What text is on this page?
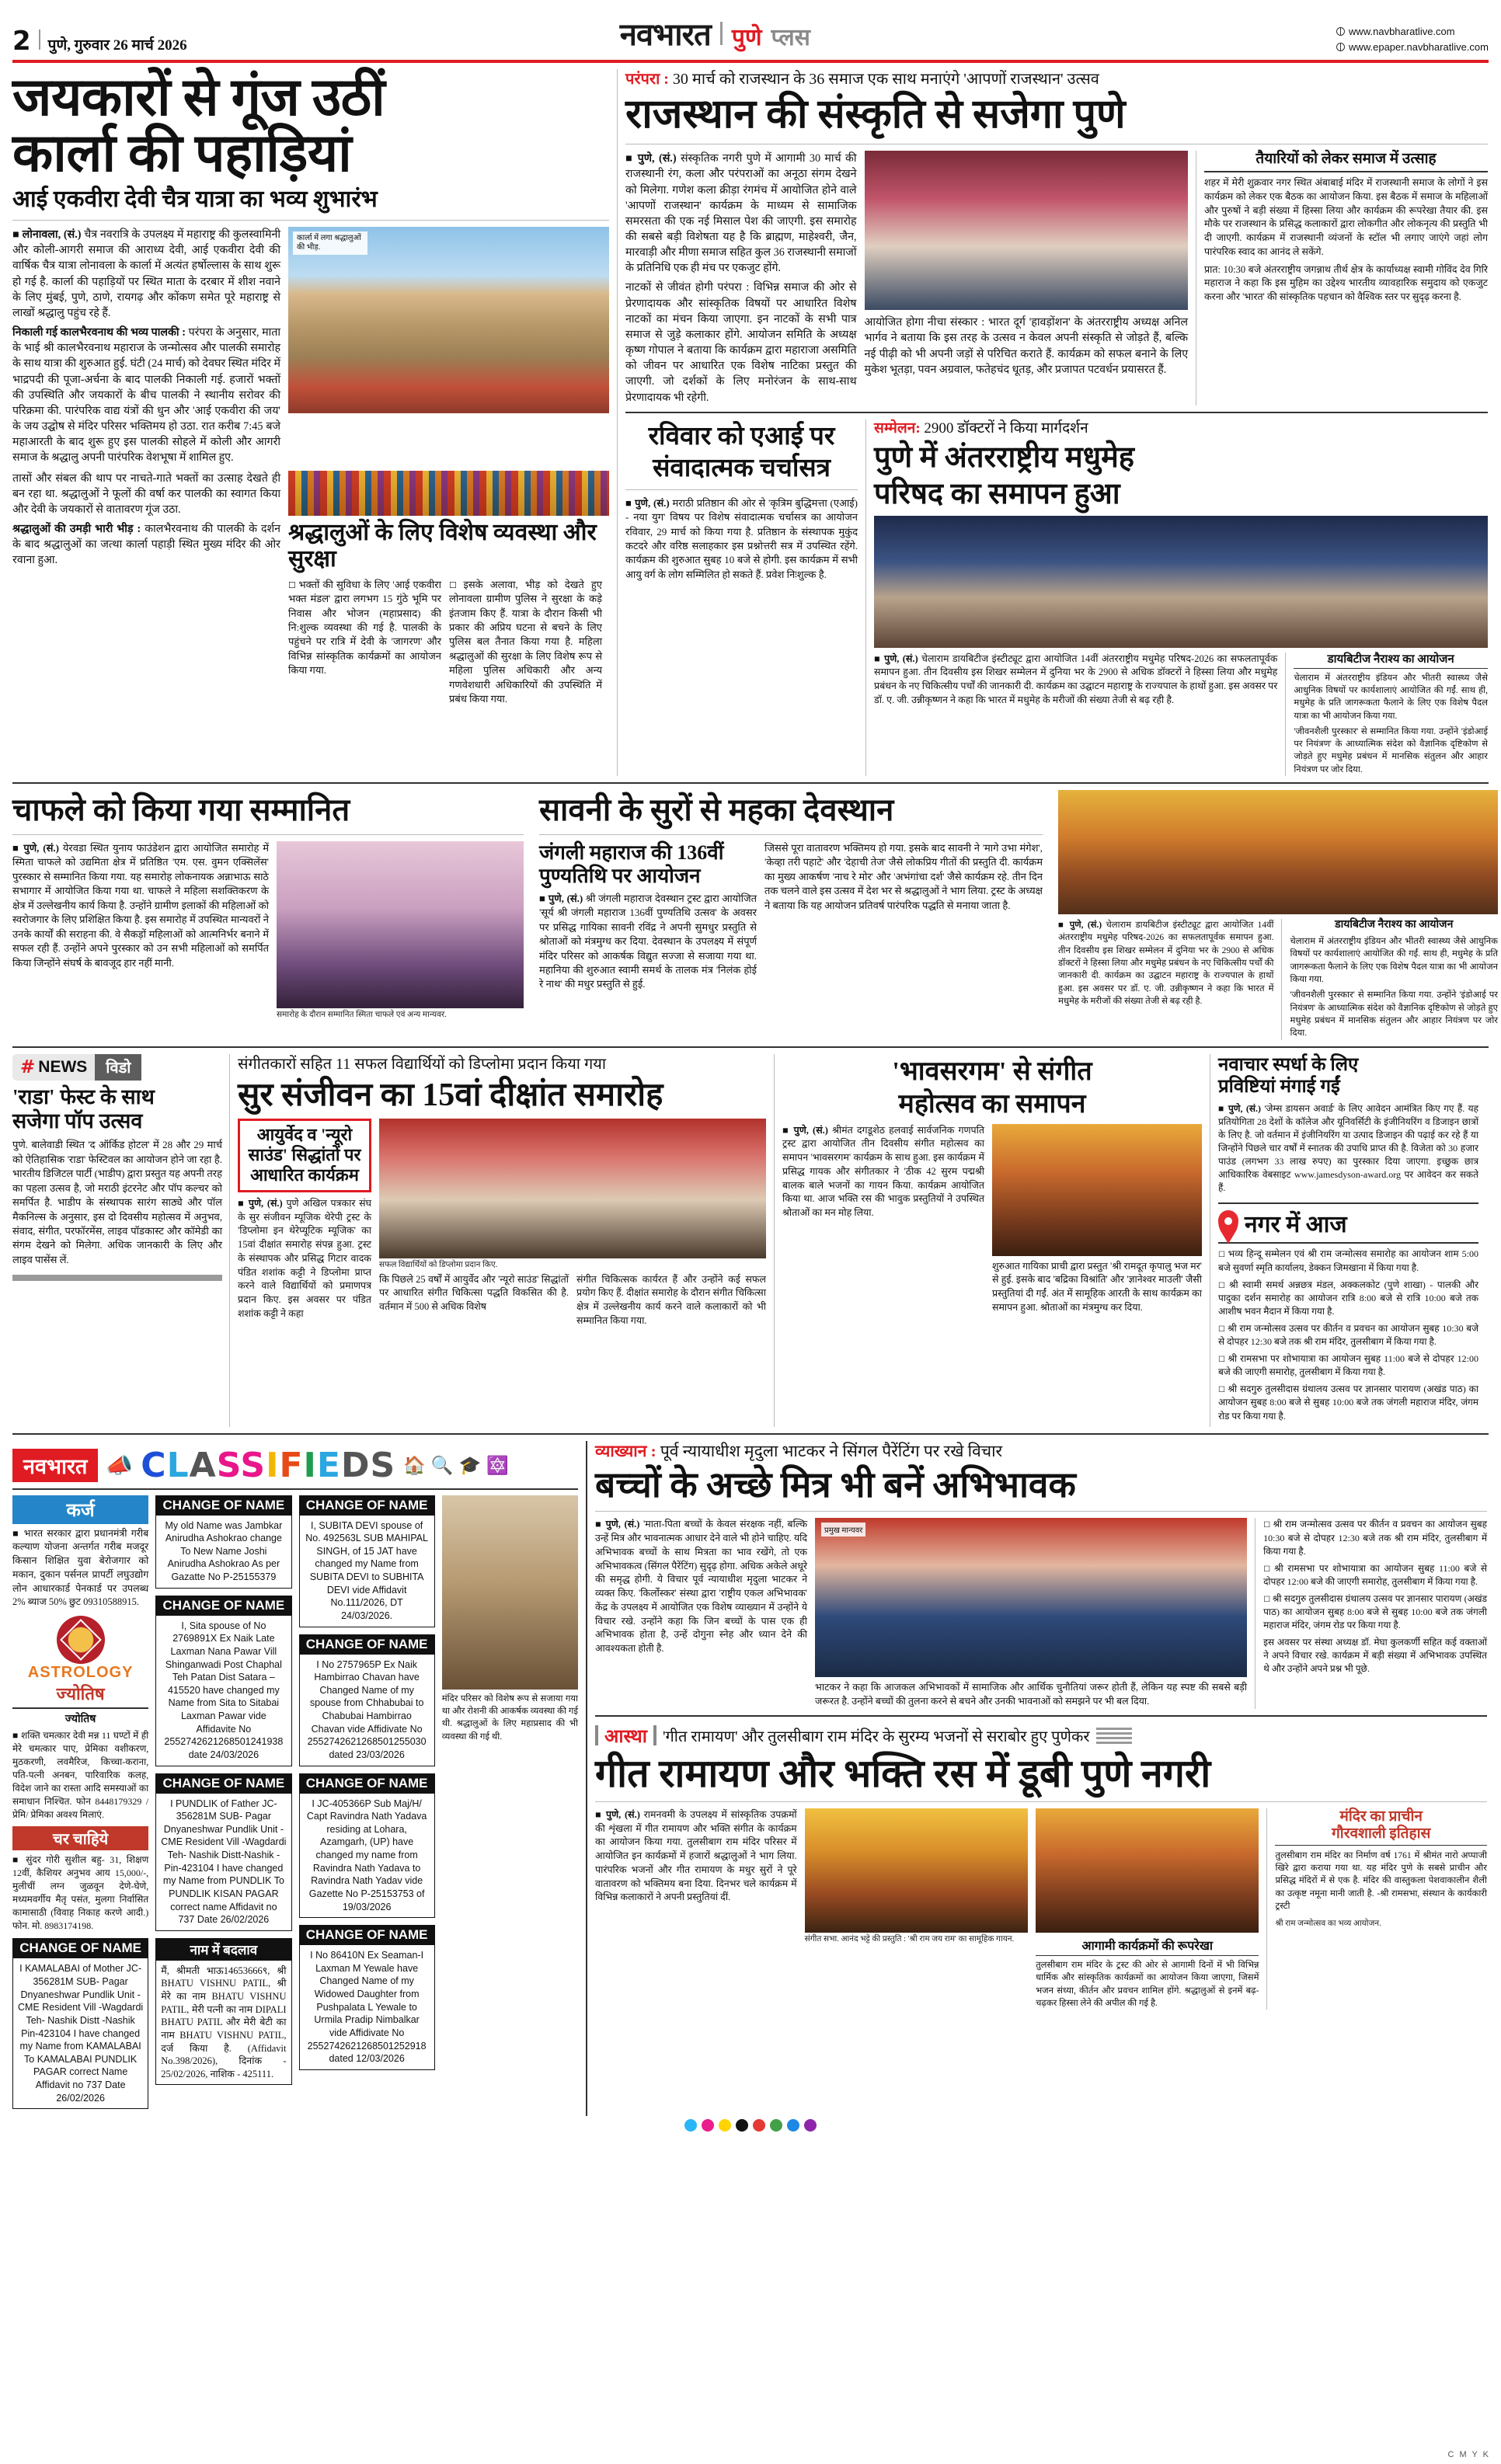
2 पुणे, गुरुवार 26 मार्च 2026	नवभारत पुणे प्लस	www.navbharatlive.com
www.epaper.navbharatlive.com
जयकारों से गूंज उठीं
कार्ला की पहाड़ियां
आई एकवीरा देवी चैत्र यात्रा का भव्य शुभारंभ

■ लोनावला, (सं.) चैत्र नवरात्रि के उपलक्ष्य में महाराष्ट्र की कुलस्वामिनी और कोली-आगरी समाज की आराध्य देवी, आई एकवीरा देवी की वार्षिक चैत्र यात्रा लोनावला के कार्ला में अत्यंत हर्षोल्लास के साथ शुरू हो गई है. कार्ला की पहाड़ियों पर स्थित माता के दरबार में शीश नवाने के लिए मुंबई, पुणे, ठाणे, रायगढ़ और कोंकण समेत पूरे महाराष्ट्र से लाखों श्रद्धालु पहुंच रहे हैं.

निकाली गई कालभैरवनाथ की भव्य पालकी : परंपरा के अनुसार, माता के भाई श्री कालभैरवनाथ महाराज के जन्मोत्सव और पालकी समारोह के साथ यात्रा की शुरुआत हुई. घंटी (24 मार्च) को देवघर स्थित मंदिर में भाद्रपदी की पूजा-अर्चना के बाद पालकी निकाली गई. हजारों भक्तों की उपस्थिति और जयकारों के बीच पालकी ने स्थानीय सरोवर की परिक्रमा की. पारंपरिक वाद्य यंत्रों की धुन और 'आई एकवीरा की जय' के जय उद्घोष से मंदिर परिसर भक्तिमय हो उठा. रात करीब 7:45 बजे महाआरती के बाद शुरू हुए इस पालकी सोहले में कोली और आगरी समाज के श्रद्धालु अपनी पारंपरिक वेशभूषा में शामिल हुए.

कार्ला में लगा श्रद्धालुओं की भीड़.

तासों और संबल की थाप पर नाचते-गाते भक्तों का उत्साह देखते ही बन रहा था. श्रद्धालुओं ने फूलों की वर्षा कर पालकी का स्वागत किया और देवी के जयकारों से वातावरण गूंज उठा.

श्रद्धालुओं की उमड़ी भारी भीड़ : कालभैरवनाथ की पालकी के दर्शन के बाद श्रद्धालुओं का जत्था कार्ला पहाड़ी स्थित मुख्य मंदिर की ओर रवाना हुआ.

श्रद्धालुओं के लिए विशेष व्यवस्था और सुरक्षा

☐ भक्तों की सुविधा के लिए 'आई एकवीरा भक्त मंडल' द्वारा लगभग 15 गुंठे भूमि पर निवास और भोजन (महाप्रसाद) की नि:शुल्क व्यवस्था की गई है. पालकी के पहुंचने पर रात्रि में देवी के 'जागरण' और विभिन्न सांस्कृतिक कार्यक्रमों का आयोजन किया गया.

☐ इसके अलावा, भीड़ को देखते हुए लोनावला ग्रामीण पुलिस ने सुरक्षा के कड़े इंतजाम किए हैं. यात्रा के दौरान किसी भी प्रकार की अप्रिय घटना से बचने के लिए पुलिस बल तैनात किया गया है. महिला श्रद्धालुओं की सुरक्षा के लिए विशेष रूप से महिला पुलिस अधिकारी और अन्य गणवेशधारी अधिकारियों की उपस्थिति में प्रबंध किया गया.

परंपरा : 30 मार्च को राजस्थान के 36 समाज एक साथ मनाएंगे 'आपणों राजस्थान' उत्सव
राजस्थान की संस्कृति से सजेगा पुणे

■ पुणे, (सं.) संस्कृतिक नगरी पुणे में आगामी 30 मार्च की राजस्थानी रंग, कला और परंपराओं का अनूठा संगम देखने को मिलेगा. गणेश कला क्रीड़ा रंगमंच में आयोजित होने वाले 'आपणों राजस्थान' कार्यक्रम के माध्यम से सामाजिक समरसता की एक नई मिसाल पेश की जाएगी. इस समारोह की सबसे बड़ी विशेषता यह है कि ब्राह्मण, माहेश्वरी, जैन, मारवाड़ी और मीणा समाज सहित कुल 36 राजस्थानी समाजों के प्रतिनिधि एक ही मंच पर एकजुट होंगे.

नाटकों से जीवंत होगी परंपरा : विभिन्न समाज की ओर से प्रेरणादायक और सांस्कृतिक विषयों पर आधारित विशेष नाटकों का मंचन किया जाएगा. इन नाटकों के सभी पात्र समाज से जुड़े कलाकार होंगे. आयोजन समिति के अध्यक्ष कृष्ण गोपाल ने बताया कि कार्यक्रम द्वारा महाराजा असमिति को जीवन पर आधारित एक विशेष नाटिका प्रस्तुत की जाएगी. जो दर्शकों के लिए मनोरंजन के साथ-साथ प्रेरणादायक भी रहेगी.

आयोजित होगा नीचा संस्कार : भारत दूर्ग 'हावड़ोंशन' के अंतरराष्ट्रीय अध्यक्ष अनिल भार्गव ने बताया कि इस तरह के उत्सव न केवल अपनी संस्कृति से जोड़ते हैं, बल्कि नई पीढ़ी को भी अपनी जड़ों से परिचित कराते हैं. कार्यक्रम को सफल बनाने के लिए मुकेश भूतड़ा, पवन अग्रवाल, फतेहचंद धूतड़, और प्रजापत पटवर्धन प्रयासरत हैं.

तैयारियों को लेकर समाज में उत्साह

शहर में मेरी शुक्रवार नगर स्थित अंबाबाई मंदिर में राजस्थानी समाज के लोगों ने इस कार्यक्रम को लेकर एक बैठक का आयोजन किया. इस बैठक में समाज के महिलाओं और पुरुषों ने बड़ी संख्या में हिस्सा लिया और कार्यक्रम की रूपरेखा तैयार की. इस मौके पर राजस्थान के प्रसिद्ध कलाकारों द्वारा लोकगीत और लोकनृत्य की प्रस्तुति भी दी जाएगी. कार्यक्रम में राजस्थानी व्यंजनों के स्टॉल भी लगाए जाएंगे जहां लोग पारंपरिक स्वाद का आनंद ले सकेंगे.

प्रात: 10:30 बजे अंतरराष्ट्रीय जगन्नाथ तीर्थ क्षेत्र के कार्याध्यक्ष स्वामी गोविंद देव गिरि महाराज ने कहा कि इस मुहिम का उद्देश्य भारतीय व्यावहारिक समुदाय को एकजुट करना और 'भारत' की सांस्कृतिक पहचान को वैश्विक स्तर पर सुदृढ़ करना है.

रविवार को एआई पर
संवादात्मक चर्चासत्र

■ पुणे, (सं.) मराठी प्रतिष्ठान की ओर से 'कृत्रिम बुद्धिमत्ता (एआई) - नया युग' विषय पर विशेष संवादात्मक चर्चासत्र का आयोजन रविवार, 29 मार्च को किया गया है. प्रतिष्ठान के संस्थापक मुकुंद कटदरे और वरिष्ठ सलाहकार इस प्रश्नोत्तरी सत्र में उपस्थित रहेंगे. कार्यक्रम की शुरुआत सुबह 10 बजे से होगी. इस कार्यक्रम में सभी आयु वर्ग के लोग सम्मिलित हो सकते हैं. प्रवेश निःशुल्क है.

सम्मेलन: 2900 डॉक्टरों ने किया मार्गदर्शन
पुणे में अंतरराष्ट्रीय मधुमेह
परिषद का समापन हुआ

■ पुणे, (सं.) चेलाराम डायबिटीज इंस्टीट्यूट द्वारा आयोजित 14वीं अंतरराष्ट्रीय मधुमेह परिषद-2026 का सफलतापूर्वक समापन हुआ. तीन दिवसीय इस शिखर सम्मेलन में दुनिया भर के 2900 से अधिक डॉक्टरों ने हिस्सा लिया और मधुमेह प्रबंधन के नए चिकित्सीय पर्चों की जानकारी दी. कार्यक्रम का उद्घाटन महाराष्ट्र के राज्यपाल के हाथों हुआ. इस अवसर पर डॉ. ए. जी. उन्नीकृष्णन ने कहा कि भारत में मधुमेह के मरीजों की संख्या तेजी से बढ़ रही है.

डायबिटीज नैराश्य का आयोजन

चेलाराम में अंतरराष्ट्रीय इंडियन और भीतरी स्वास्थ्य जैसे आधुनिक विषयों पर कार्यशालाएं आयोजित की गईं. साथ ही, मधुमेह के प्रति जागरूकता फैलाने के लिए एक विशेष पैदल यात्रा का भी आयोजन किया गया.

'जीवनशैली पुरस्कार' से सम्मानित किया गया. उन्होंने 'इंडोआई पर नियंत्रण' के आध्यात्मिक संदेश को वैज्ञानिक दृष्टिकोण से जोड़ते हुए मधुमेह प्रबंधन में मानसिक संतुलन और आहार नियंत्रण पर जोर दिया.

चाफले को किया गया सम्मानित

■ पुणे, (सं.) येरवडा स्थित युनाय फाउंडेशन द्वारा आयोजित समारोह में स्मिता चाफले को उद्यमिता क्षेत्र में प्रतिष्ठित 'एम. एस. वुमन एक्सिलेंस' पुरस्कार से सम्मानित किया गया. यह समारोह लोकनायक अन्नाभाऊ साठे सभागार में आयोजित किया गया था. चाफले ने महिला सशक्तिकरण के क्षेत्र में उल्लेखनीय कार्य किया है. उन्होंने ग्रामीण इलाकों की महिलाओं को स्वरोजगार के लिए प्रशिक्षित किया है. इस समारोह में उपस्थित मान्यवरों ने उनके कार्यों की सराहना की. वे सैकड़ों महिलाओं को आत्मनिर्भर बनाने में सफल रही हैं. उन्होंने अपने पुरस्कार को उन सभी महिलाओं को समर्पित किया जिन्होंने संघर्ष के बावजूद हार नहीं मानी.

समारोह के दौरान सम्मानित स्मिता चाफले एवं अन्य मान्यवर.
सावनी के सुरों से महका देवस्थान
जंगली महाराज की 136वीं
पुण्यतिथि पर आयोजन

■ पुणे, (सं.) श्री जंगली महाराज देवस्थान ट्रस्ट द्वारा आयोजित 'सूर्य श्री जंगली महाराज 136वीं पुण्यतिथि उत्सव' के अवसर पर प्रसिद्ध गायिका सावनी रविंद्र ने अपनी सुमधुर प्रस्तुति से श्रोताओं को मंत्रमुग्ध कर दिया. देवस्थान के उपलक्ष्य में संपूर्ण मंदिर परिसर को आकर्षक विद्युत सज्जा से सजाया गया था. महानिया की शुरुआत स्वामी समर्थ के तालक मंत्र 'निलंक होई रे नाथ' की मधुर प्रस्तुति से हुई.

जिससे पूरा वातावरण भक्तिमय हो गया. इसके बाद सावनी ने 'मागे उभा मंगेश', 'केव्हा तरी पहाटे' और 'देहाची तेज' जैसे लोकप्रिय गीतों की प्रस्तुति दी. कार्यक्रम का मुख्य आकर्षण 'नाच रे मोर' और 'अभंगांचा दर्श' जैसे कार्यक्रम रहे. तीन दिन तक चलने वाले इस उत्सव में देश भर से श्रद्धालुओं ने भाग लिया. ट्रस्ट के अध्यक्ष ने बताया कि यह आयोजन प्रतिवर्ष पारंपरिक पद्धति से मनाया जाता है.

■ पुणे, (सं.) चेलाराम डायबिटीज इंस्टीट्यूट द्वारा आयोजित 14वीं अंतरराष्ट्रीय मधुमेह परिषद-2026 का सफलतापूर्वक समापन हुआ. तीन दिवसीय इस शिखर सम्मेलन में दुनिया भर के 2900 से अधिक डॉक्टरों ने हिस्सा लिया और मधुमेह प्रबंधन के नए चिकित्सीय पर्चों की जानकारी दी. कार्यक्रम का उद्घाटन महाराष्ट्र के राज्यपाल के हाथों हुआ. इस अवसर पर डॉ. ए. जी. उन्नीकृष्णन ने कहा कि भारत में मधुमेह के मरीजों की संख्या तेजी से बढ़ रही है.

डायबिटीज नैराश्य का आयोजन

चेलाराम में अंतरराष्ट्रीय इंडियन और भीतरी स्वास्थ्य जैसे आधुनिक विषयों पर कार्यशालाएं आयोजित की गईं. साथ ही, मधुमेह के प्रति जागरूकता फैलाने के लिए एक विशेष पैदल यात्रा का भी आयोजन किया गया.

'जीवनशैली पुरस्कार' से सम्मानित किया गया. उन्होंने 'इंडोआई पर नियंत्रण' के आध्यात्मिक संदेश को वैज्ञानिक दृष्टिकोण से जोड़ते हुए मधुमेह प्रबंधन में मानसिक संतुलन और आहार नियंत्रण पर जोर दिया.

# NEWS	विडो
'राडा' फेस्ट के साथ
सजेगा पॉप उत्सव

पुणे. बालेवाडी स्थित 'द ऑर्किड होटल' में 28 और 29 मार्च को ऐतिहासिक 'राडा' फेस्टिवल का आयोजन होने जा रहा है. भारतीय डिजिटल पार्टी (भाडीप) द्वारा प्रस्तुत यह अपनी तरह का पहला उत्सव है, जो मराठी इंटरनेट और पॉप कल्चर को समर्पित है. भाडीप के संस्थापक सारंग साठ्ये और पॉल मैकनिल्स के अनुसार, इस दो दिवसीय महोत्सव में अनुभव, संवाद, संगीत, परफॉरमेंस, लाइव पॉडकास्ट और कॉमेडी का संगम देखने को मिलेगा. अधिक जानकारी के लिए और लाइव पासेंस लें.

संगीतकारों सहित 11 सफल विद्यार्थियों को डिप्लोमा प्रदान किया गया
सुर संजीवन का 15वां दीक्षांत समारोह
आयुर्वेद व 'न्यूरो
साउंड' सिद्धांतों पर
आधारित कार्यक्रम

■ पुणे, (सं.) पुणे अखिल पत्रकार संघ के सुर संजीवन म्यूजिक थेरेपी ट्रस्ट के 'डिप्लोमा इन थेरेप्यूटिक म्यूजिक' का 15वां दीक्षांत समारोह संपन्न हुआ. ट्रस्ट के संस्थापक और प्रसिद्ध गिटार वादक पंडित शशांक कट्टी ने डिप्लोमा प्राप्त करने वाले विद्यार्थियों को प्रमाणपत्र प्रदान किए. इस अवसर पर पंडित शशांक कट्टी ने कहा

सफल विद्यार्थियों को डिप्लोमा प्रदान किए.

कि पिछले 25 वर्षों में आयुर्वेद और 'न्यूरो साउंड' सिद्धांतों पर आधारित संगीत चिकित्सा पद्धति विकसित की है. वर्तमान में 500 से अधिक विशेष

संगीत चिकित्सक कार्यरत हैं और उन्होंने कई सफल प्रयोग किए हैं. दीक्षांत समारोह के दौरान संगीत चिकित्सा क्षेत्र में उल्लेखनीय कार्य करने वाले कलाकारों को भी सम्मानित किया गया.

'भावसरगम' से संगीत
महोत्सव का समापन

■ पुणे, (सं.) श्रीमंत दगडूशेठ हलवाई सार्वजनिक गणपति ट्रस्ट द्वारा आयोजित तीन दिवसीय संगीत महोत्सव का समापन 'भावसरगम' कार्यक्रम के साथ हुआ. इस कार्यक्रम में प्रसिद्ध गायक और संगीतकार ने 'ठीक 42 सुरम पद्मश्री बालक बाले भजनों का गायन किया. कार्यक्रम आयोजित किया था. आज भक्ति रस की भावुक प्रस्तुतियों ने उपस्थित श्रोताओं का मन मोह लिया.

शुरुआत गायिका प्राची द्वारा प्रस्तुत 'श्री रामदूत कृपालु भज मर' से हुई. इसके बाद 'बद्रिका विश्रांति' और 'ज्ञानेश्वर माउली' जैसी प्रस्तुतियां दी गईं. अंत में सामूहिक आरती के साथ कार्यक्रम का समापन हुआ. श्रोताओं का मंत्रमुग्ध कर दिया.

नवाचार स्पर्धा के लिए
प्रविष्टियां मंगाई गईं

■ पुणे, (सं.) 'जेम्स डायसन अवार्ड' के लिए आवेदन आमंत्रित किए गए हैं. यह प्रतियोगिता 28 देशों के कॉलेज और यूनिवर्सिटी के इंजीनियरिंग व डिजाइन छात्रों के लिए है. जो वर्तमान में इंजीनियरिंग या उत्पाद डिजाइन की पढ़ाई कर रहे हैं या जिन्होंने पिछले चार वर्षों में स्नातक की उपाधि प्राप्त की है. विजेता को 30 हजार पाउंड (लगभग 33 लाख रुपए) का पुरस्कार दिया जाएगा. इच्छुक छात्र आधिकारिक वेबसाइट www.jamesdyson-award.org पर आवेदन कर सकते हैं.

नगर में आज

☐ भव्य हिन्दू सम्मेलन एवं श्री राम जन्मोत्सव समारोह का आयोजन शाम 5:00 बजे सुवर्णा स्मृति कार्यालय, डेक्कन जिमखाना में किया गया है.

☐ श्री स्वामी समर्थ अन्नछत्र मंडल, अक्कलकोट (पुणे शाखा) - पालकी और पादुका दर्शन समारोह का आयोजन रात्रि 8:00 बजे से रात्रि 10:00 बजे तक आशीष भवन मैदान में किया गया है.

☐ श्री राम जन्मोत्सव उत्सव पर कीर्तन व प्रवचन का आयोजन सुबह 10:30 बजे से दोपहर 12:30 बजे तक श्री राम मंदिर, तुलसीबाग में किया गया है.

☐ श्री रामसभा पर शोभायात्रा का आयोजन सुबह 11:00 बजे से दोपहर 12:00 बजे की जाएगी समारोह, तुलसीबाग में किया गया है.

☐ श्री सदगुरु तुलसीदास ग्रंथालय उत्सव पर ज्ञानसार पारायण (अखंड पाठ) का आयोजन सुबह 8:00 बजे से सुबह 10:00 बजे तक जंगली महाराज मंदिर, जंगम रोड पर किया गया है.

नवभारत 📣 CLASSIFIEDS 🏠 🔍 🎓 🔯
कर्ज

■ भारत सरकार द्वारा प्रधानमंत्री गरीब कल्याण योजना अन्तर्गत गरीब मजदूर किसान शिक्षित युवा बेरोजगार को मकान, दुकान पर्सनल प्रापर्टी लघुउद्योग लोन आधारकार्ड पेनकार्ड पर उपलब्ध 2% ब्याज 50% छुट 09310588915.

ASTROLOGY
ज्योतिष
ज्योतिष

■ शक्ति चमत्कार देवी मन्न 11 घण्टों में ही मेरे चमत्कार पाए, प्रेमिका वशीकरण, मुठकरणी, लवमैरिज, किच्चा-कराना, पति-पत्नी अनबन, पारिवारिक कलह, विदेश जाने का रास्ता आदि समस्याओं का समाधान निश्चित. फोन 8448179329 / प्रेमि/ प्रेमिका अवश्य मिलाएं.

चर चाहिये

■ सुंदर गोरी सुशील बहु- 31, शिक्षण 12वीं, कैशियर अनुभव आय 15,000/-, मुलीचीं लग्न जुळवून देणे-घेणे, मध्यमवर्गीय मैतृ पसंत, मुलगा निर्वासित कामासाठी (विवाह निकाह करणे आदी.) फोन. मो. 8983174198.

CHANGE OF NAME
I KAMALABAI of Mother JC-356281M SUB- Pagar Dnyaneshwar Pundlik Unit -CME Resident Vill -Wagdardi Teh- Nashik Distt -Nashik Pin-423104 I have changed my Name from KAMALABAI To KAMALABAI PUNDLIK PAGAR correct Name Affidavit no 737 Date 26/02/2026
CHANGE OF NAME
My old Name was Jambkar Anirudha Ashokrao change To New Name Joshi Anirudha Ashokrao As per Gazatte No P-25155379
CHANGE OF NAME
I, Sita spouse of No 2769891X Ex Naik Late Laxman Nana Pawar Vill Shinganwadi Post Chaphal Teh Patan Dist Satara – 415520 have changed my Name from Sita to Sitabai Laxman Pawar vide Affidavite No 2552742621268501241938 date 24/03/2026
CHANGE OF NAME
I PUNDLIK of Father JC-356281M SUB- Pagar Dnyaneshwar Pundlik Unit -CME Resident Vill -Wagdardi Teh- Nashik Distt-Nashik - Pin-423104 I have changed my Name from PUNDLIK To PUNDLIK KISAN PAGAR correct name Affidavit no 737 Date 26/02/2026
नाम में बदलाव
मैं, श्रीमती भाऊ14653666९, श्री BHATU VISHNU PATIL, श्री मेरे का नाम BHATU VISHNU PATIL, मेरी पत्नी का नाम DIPALI BHATU PATIL और मेरी बेटी का नाम BHATU VISHNU PATIL, दर्ज किया है. (Affidavit No.398/2026), दिनांक - 25/02/2026, नाशिक - 425111.
CHANGE OF NAME
I, SUBITA DEVI spouse of No. 492563L SUB MAHIPAL SINGH, of 15 JAT have changed my Name from SUBITA DEVI to SUBHITA DEVI vide Affidavit No.111/2026, DT 24/03/2026.
CHANGE OF NAME
I No 2757965P Ex Naik Hambirrao Chavan have Changed Name of my spouse from Chhabubai to Chabubai Hambirrao Chavan vide Affidivate No 2552742621268501255030 dated 23/03/2026
CHANGE OF NAME
I JC-405366P Sub Maj/H/ Capt Ravindra Nath Yadava residing at Lohara, Azamgarh, (UP) have changed my name from Ravindra Nath Yadava to Ravindra Nath Yadav vide Gazette No P-25153753 of 19/03/2026
CHANGE OF NAME
I No 86410N Ex Seaman-I Laxman M Yewale have Changed Name of my Widowed Daughter from Pushpalata L Yewale to Urmila Pradip Nimbalkar vide Affidivate No 2552742621268501252918 dated 12/03/2026

मंदिर परिसर को विशेष रूप से सजाया गया था और रोशनी की आकर्षक व्यवस्था की गई थी. श्रद्धालुओं के लिए महाप्रसाद की भी व्यवस्था की गई थी.

व्याख्यान : पूर्व न्यायाधीश मृदुला भाटकर ने सिंगल पैरेंटिंग पर रखे विचार
बच्चों के अच्छे मित्र भी बनें अभिभावक

■ पुणे, (सं.) 'माता-पिता बच्चों के केवल संरक्षक नहीं, बल्कि उन्हें मित्र और भावनात्मक आधार देने वाले भी होने चाहिए. यदि अभिभावक बच्चों के साथ मित्रता का भाव रखेंगे, तो एक अभिभावकत्व (सिंगल पैरेंटिंग) सुदृढ़ होगा. अधिक अकेले अधूरे की समृद्ध होगी. ये विचार पूर्व न्यायाधीश मृदुला भाटकर ने व्यक्त किए. 'किर्लोस्कर' संस्था द्वारा 'राष्ट्रीय एकल अभिभावक' केंद्र के उपलक्ष्य में आयोजित एक विशेष व्याख्यान में उन्होंने ये विचार रखे. उन्होंने कहा कि जिन बच्चों के पास एक ही अभिभावक होता है, उन्हें दोगुना स्नेह और ध्यान देने की आवश्यकता होती है.

प्रमुख मान्यवर

भाटकर ने कहा कि आजकल अभिभावकों में सामाजिक और आर्थिक चुनौतियां जरूर होती हैं, लेकिन यह स्पष्ट की सबसे बड़ी जरूरत है. उन्होंने बच्चों की तुलना करने से बचने और उनकी भावनाओं को समझने पर भी बल दिया.

☐ श्री राम जन्मोत्सव उत्सव पर कीर्तन व प्रवचन का आयोजन सुबह 10:30 बजे से दोपहर 12:30 बजे तक श्री राम मंदिर, तुलसीबाग में किया गया है.

☐ श्री रामसभा पर शोभायात्रा का आयोजन सुबह 11:00 बजे से दोपहर 12:00 बजे की जाएगी समारोह, तुलसीबाग में किया गया है.

☐ श्री सदगुरु तुलसीदास ग्रंथालय उत्सव पर ज्ञानसार पारायण (अखंड पाठ) का आयोजन सुबह 8:00 बजे से सुबह 10:00 बजे तक जंगली महाराज मंदिर, जंगम रोड पर किया गया है.

इस अवसर पर संस्था अध्यक्ष डॉ. मेघा कुलकर्णी सहित कई वक्ताओं ने अपने विचार रखे. कार्यक्रम में बड़ी संख्या में अभिभावक उपस्थित थे और उन्होंने अपने प्रश्न भी पूछे.

आस्था 'गीत रामायण' और तुलसीबाग राम मंदिर के सुरम्य भजनों से सराबोर हुए पुणेकर
गीत रामायण और भक्ति रस में डूबी पुणे नगरी

■ पुणे, (सं.) रामनवमी के उपलक्ष्य में सांस्कृतिक उपक्रमों की शृंखला में गीत रामायण और भक्ति संगीत के कार्यक्रम का आयोजन किया गया. तुलसीबाग राम मंदिर परिसर में आयोजित इन कार्यक्रमों में हजारों श्रद्धालुओं ने भाग लिया. पारंपरिक भजनों और गीत रामायण के मधुर सुरों ने पूरे वातावरण को भक्तिमय बना दिया. दिनभर चले कार्यक्रम में विभिन्न कलाकारों ने अपनी प्रस्तुतियां दीं.

संगीत सभा. आनंद भट्टे की प्रस्तुति : 'श्री राम जय राम' का सामूहिक गायन.
आगामी कार्यक्रमों की रूपरेखा

तुलसीबाग राम मंदिर के ट्रस्ट की ओर से आगामी दिनों में भी विभिन्न धार्मिक और सांस्कृतिक कार्यक्रमों का आयोजन किया जाएगा, जिसमें भजन संध्या, कीर्तन और प्रवचन शामिल होंगे. श्रद्धालुओं से इनमें बढ़-चढ़कर हिस्सा लेने की अपील की गई है.

मंदिर का प्राचीन
गौरवशाली इतिहास

तुलसीबाग राम मंदिर का निर्माण वर्ष 1761 में श्रीमंत नारो अप्पाजी खिरे द्वारा कराया गया था. यह मंदिर पुणे के सबसे प्राचीन और प्रसिद्ध मंदिरों में से एक है. मंदिर की वास्तुकला पेशवाकालीन शैली का उत्कृष्ट नमूना मानी जाती है. -श्री रामसभा, संस्थान के कार्यकारी ट्रस्टी

श्री राम जन्मोत्सव का भव्य आयोजन.
C M Y K
